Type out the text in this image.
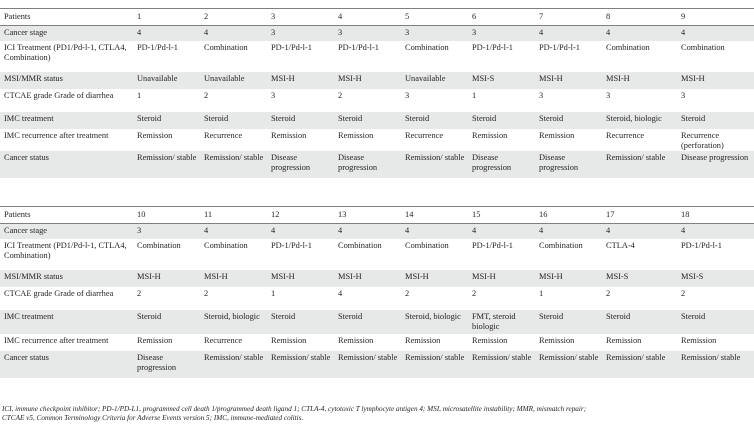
Patients	1	2	3	4	5	6	7	8	9
Cancer stage	4	4	3	3	3	3	4	4	4
ICI Treatment (PD1/Pd-l-1, CTLA4, Combination)	PD-1/Pd-l-1	Combination	PD-1/Pd-l-1	PD-1/Pd-l-1	Combination	PD-1/Pd-l-1	PD-1/Pd-l-1	Combination	Combination
MSI/MMR status	Unavailable	Unavailable	MSI-H	MSI-H	Unavailable	MSI-S	MSI-H	MSI-H	MSI-H
CTCAE grade Grade of diarrhea	1	2	3	2	3	1	3	3	3
IMC treatment	Steroid	Steroid	Steroid	Steroid	Steroid	Steroid	Steroid	Steroid, biologic	Steroid
IMC recurrence after treatment	Remission	Recurrence	Remission	Remission	Recurrence	Remission	Remission	Recurrence	Recurrence (perforation)
Cancer status	Remission/ stable	Remission/ stable	Disease progression	Disease progression	Remission/ stable	Disease progression	Disease progression	Remission/ stable	Disease progression
Patients	10	11	12	13	14	15	16	17	18
Cancer stage	3	4	4	4	4	4	4	4	4
ICI Treatment (PD1/Pd-l-1, CTLA4, Combination)	Combination	Combination	PD-1/Pd-l-1	Combination	Combination	PD-1/Pd-l-1	Combination	CTLA-4	PD-1/Pd-l-1
MSI/MMR status	MSI-H	MSI-H	MSI-H	MSI-H	MSI-H	MSI-H	MSI-H	MSI-S	MSI-S
CTCAE grade Grade of diarrhea	2	2	1	4	2	2	1	2	2
IMC treatment	Steroid	Steroid, biologic	Steroid	Steroid	Steroid, biologic	FMT, steroid biologic	Steroid	Steroid	Steroid
IMC recurrence after treatment	Remission	Recurrence	Remission	Remission	Remission	Remission	Remission	Remission	Remission
Cancer status	Disease progression	Remission/ stable	Remission/ stable	Remission/ stable	Remission/ stable	Remission/ stable	Remission/ stable	Remission/ stable	Remission/ stable
ICI, immune checkpoint inhibitor; PD-1/PD-L1, programmed cell death 1/programmed death ligand 1; CTLA-4, cytotoxic T lymphocyte antigen 4; MSI, microsatellite instability; MMR, mismatch repair;
CTCAE v5, Common Terminology Criteria for Adverse Events version 5; IMC, immune-mediated colitis.
